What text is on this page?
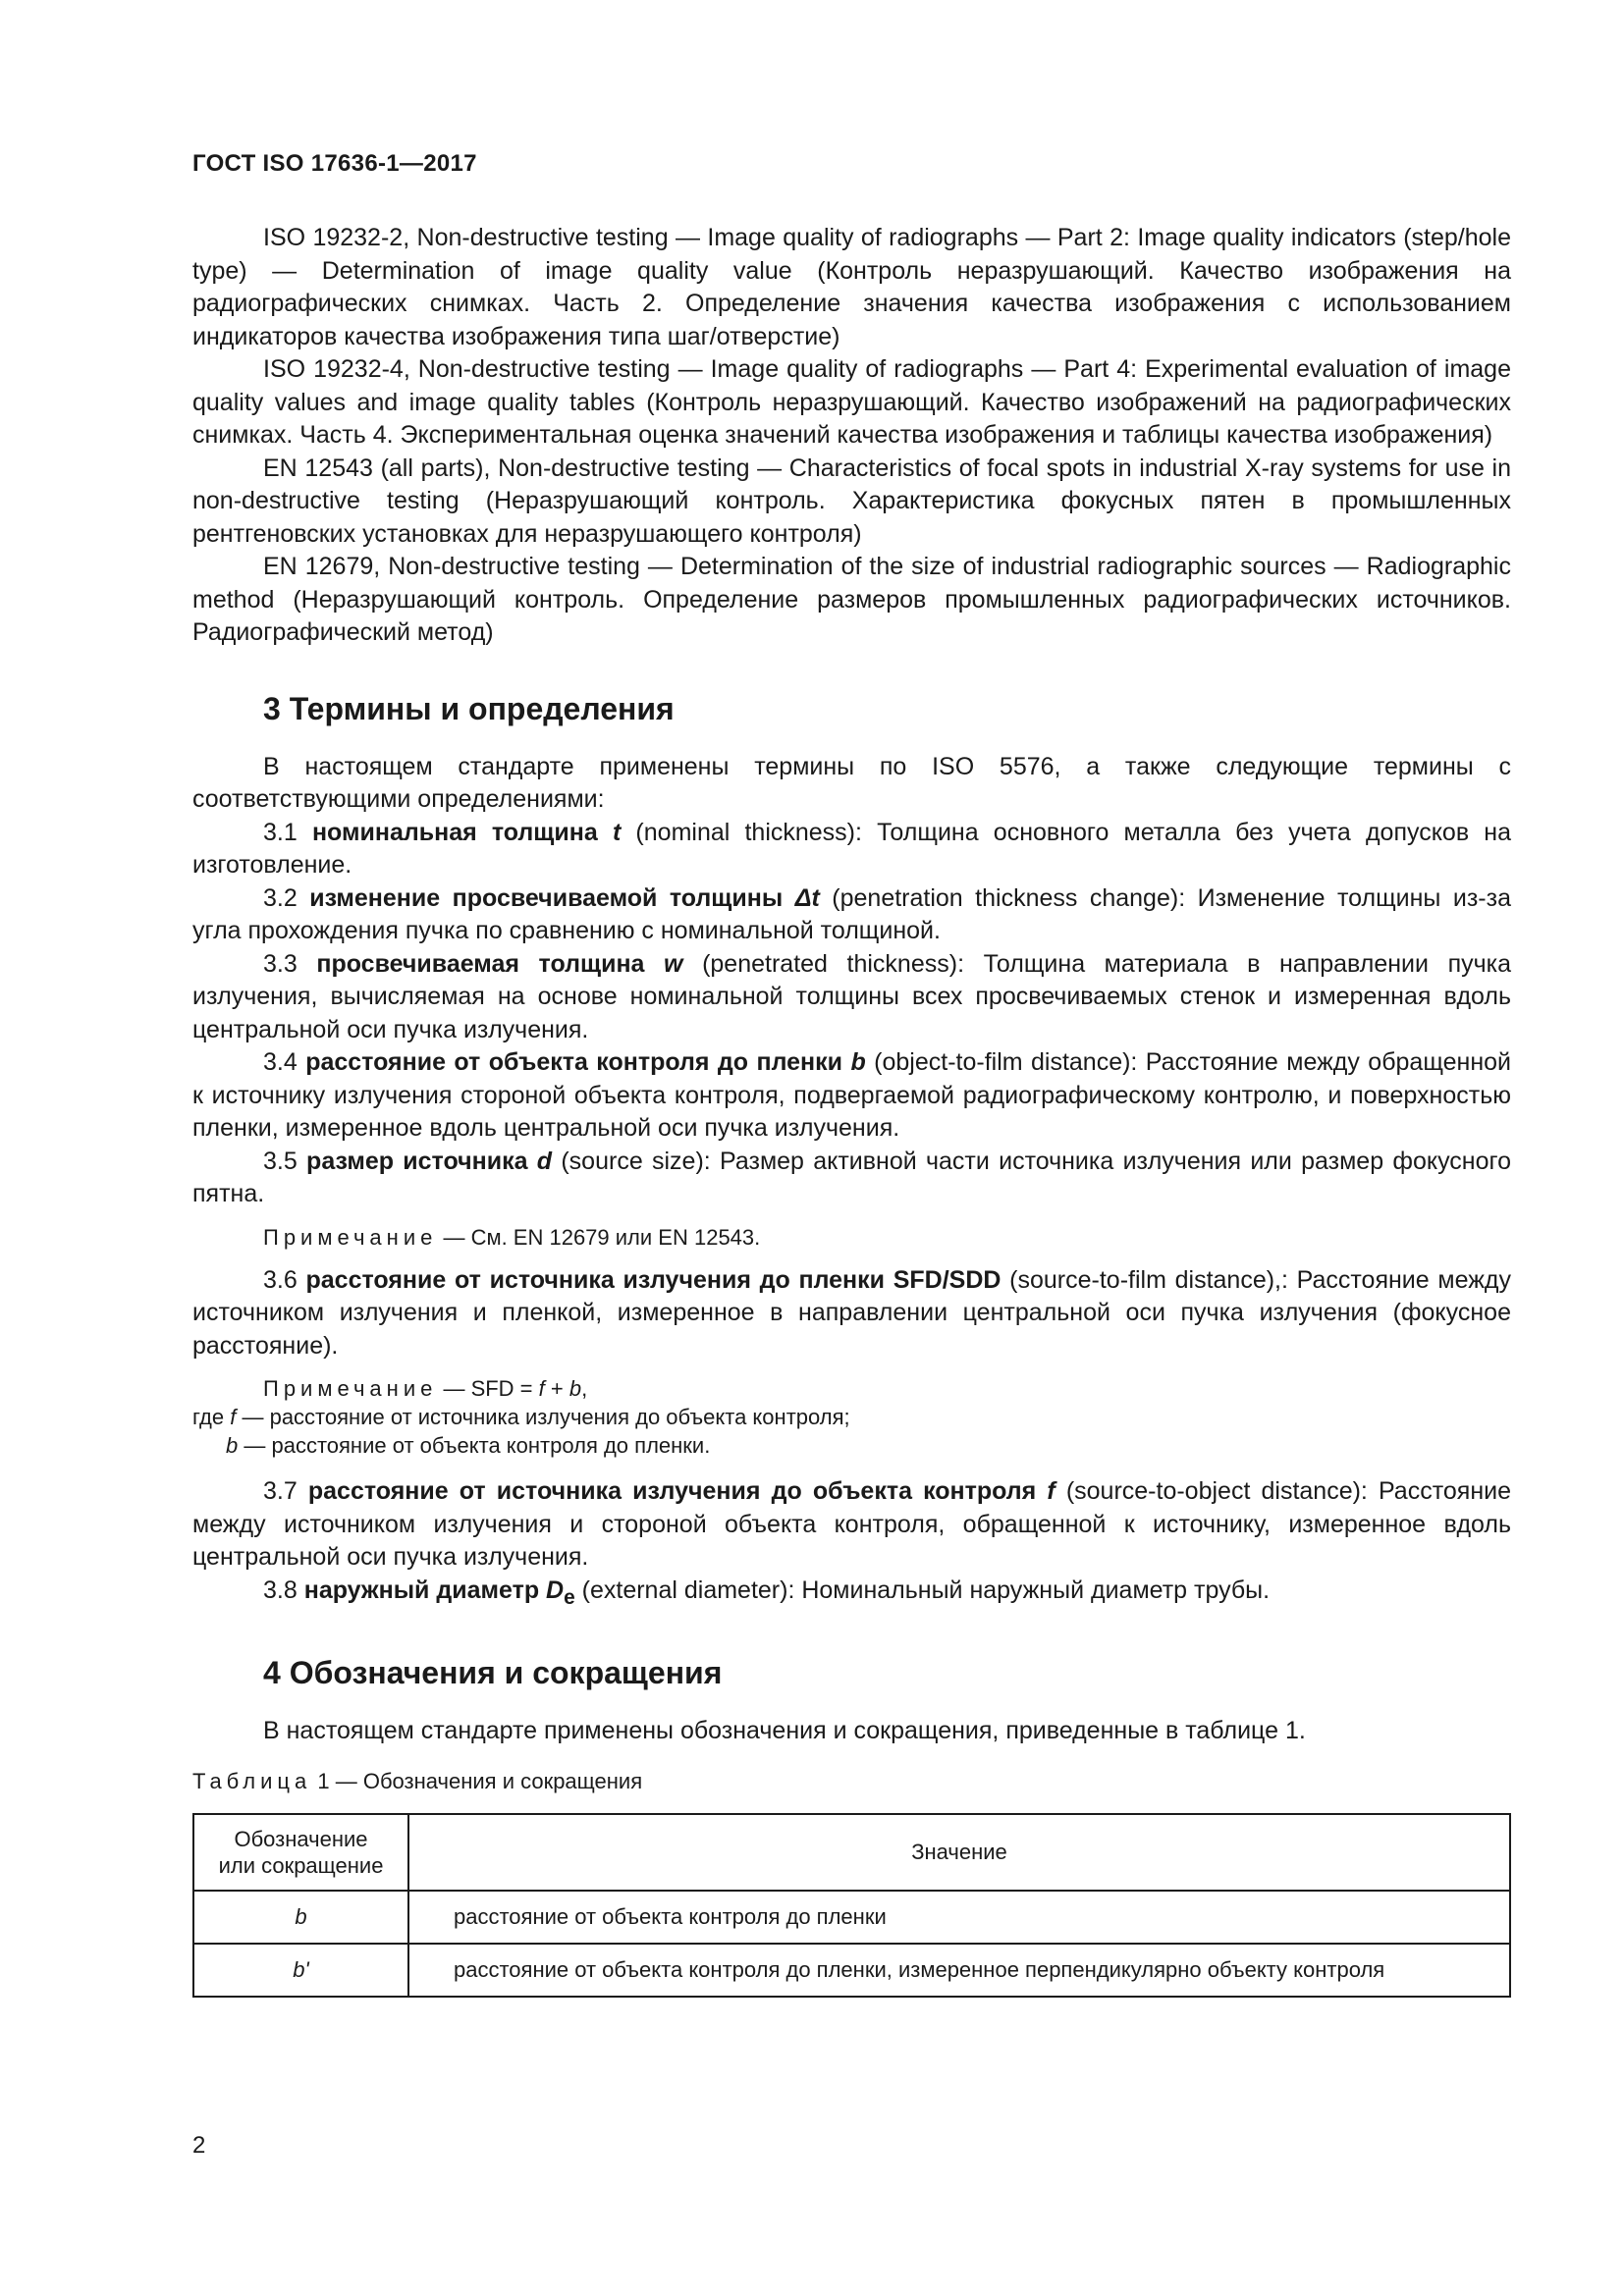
ГОСТ ISO 17636-1—2017

ISO 19232-2, Non-destructive testing — Image quality of radiographs — Part 2: Image quality indicators (step/hole type) — Determination of image quality value (Контроль неразрушающий. Качество изображения на радиографических снимках. Часть 2. Определение значения качества изображения с использованием индикаторов качества изображения типа шаг/отверстие)

ISO 19232-4, Non-destructive testing — Image quality of radiographs — Part 4: Experimental evaluation of image quality values and image quality tables (Контроль неразрушающий. Качество изображений на радиографических снимках. Часть 4. Экспериментальная оценка значений качества изображения и таблицы качества изображения)

EN 12543 (all parts), Non-destructive testing — Characteristics of focal spots in industrial X-ray systems for use in non-destructive testing (Неразрушающий контроль. Характеристика фокусных пятен в промышленных рентгеновских установках для неразрушающего контроля)

EN 12679, Non-destructive testing — Determination of the size of industrial radiographic sources — Radiographic method (Неразрушающий контроль. Определение размеров промышленных радиографических источников. Радиографический метод)

3 Термины и определения

В настоящем стандарте применены термины по ISO 5576, а также следующие термины с соответствующими определениями:

3.1 номинальная толщина t (nominal thickness): Толщина основного металла без учета допусков на изготовление.

3.2 изменение просвечиваемой толщины Δt (penetration thickness change): Изменение толщины из-за угла прохождения пучка по сравнению с номинальной толщиной.

3.3 просвечиваемая толщина w (penetrated thickness): Толщина материала в направлении пучка излучения, вычисляемая на основе номинальной толщины всех просвечиваемых стенок и измеренная вдоль центральной оси пучка излучения.

3.4 расстояние от объекта контроля до пленки b (object-to-film distance): Расстояние между обращенной к источнику излучения стороной объекта контроля, подвергаемой радиографическому контролю, и поверхностью пленки, измеренное вдоль центральной оси пучка излучения.

3.5 размер источника d (source size): Размер активной части источника излучения или размер фокусного пятна.

Примечание — См. EN 12679 или EN 12543.

3.6 расстояние от источника излучения до пленки SFD/SDD (source-to-film distance),: Расстояние между источником излучения и пленкой, измеренное в направлении центральной оси пучка излучения (фокусное расстояние).

Примечание — SFD = f + b,
где f — расстояние от источника излучения до объекта контроля;
b — расстояние от объекта контроля до пленки.

3.7 расстояние от источника излучения до объекта контроля f (source-to-object distance): Расстояние между источником излучения и стороной объекта контроля, обращенной к источнику, измеренное вдоль центральной оси пучка излучения.

3.8 наружный диаметр $D_e$ (external diameter): Номинальный наружный диаметр трубы.

4 Обозначения и сокращения

В настоящем стандарте применены обозначения и сокращения, приведенные в таблице 1.

Таблица 1 — Обозначения и сокращения

Обозначение
или сокращение	Значение
b	расстояние от объекта контроля до пленки
b'	расстояние от объекта контроля до пленки, измеренное перпендикулярно объекту контроля
2
